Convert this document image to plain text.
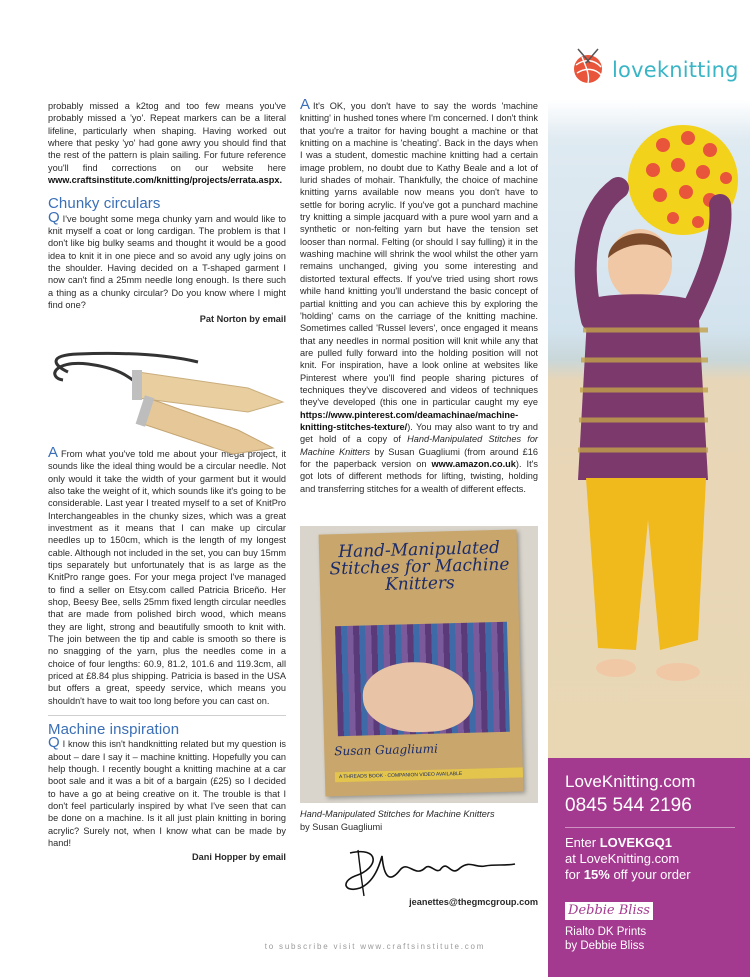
probably missed a k2tog and too few means you've probably missed a 'yo'. Repeat markers can be a literal lifeline, particularly when shaping. Having worked out where that pesky 'yo' had gone awry you should find that the rest of the pattern is plain sailing. For future reference you'll find corrections on our website here www.craftsinstitute.com/knitting/projects/errata.aspx.

Chunky circulars

Q I've bought some mega chunky yarn and would like to knit myself a coat or long cardigan. The problem is that I don't like big bulky seams and thought it would be a good idea to knit it in one piece and so avoid any ugly joins on the shoulder. Having decided on a T-shaped garment I now can't find a 25mm needle long enough. Is there such a thing as a chunky circular? Do you know where I might find one?

Pat Norton by email

A From what you've told me about your mega project, it sounds like the ideal thing would be a circular needle. Not only would it take the width of your garment but it would also take the weight of it, which sounds like it's going to be considerable. Last year I treated myself to a set of KnitPro Interchangeables in the chunky sizes, which was a great investment as it means that I can make up circular needles up to 150cm, which is the length of my longest cable. Although not included in the set, you can buy 15mm tips separately but unfortunately that is as large as the KnitPro range goes. For your mega project I've managed to find a seller on Etsy.com called Patricia Briceño. Her shop, Beesy Bee, sells 25mm fixed length circular needles that are made from polished birch wood, which means they are light, strong and beautifully smooth to knit with. The join between the tip and cable is smooth so there is no snagging of the yarn, plus the needles come in a choice of four lengths: 60.9, 81.2, 101.6 and 119.3cm, all priced at £8.84 plus shipping. Patricia is based in the USA but offers a great, speedy service, which means you shouldn't have to wait too long before you can cast on.

Machine inspiration

Q I know this isn't handknitting related but my question is about – dare I say it – machine knitting. Hopefully you can help though. I recently bought a knitting machine at a car boot sale and it was a bit of a bargain (£25) so I decided to have a go at being creative on it. The trouble is that I don't feel particularly inspired by what I've seen that can be done on a machine. Is it all just plain knitting in boring acrylic? Surely not, when I know what can be made by hand!

Dani Hopper by email

A It's OK, you don't have to say the words 'machine knitting' in hushed tones where I'm concerned. I don't think that you're a traitor for having bought a machine or that knitting on a machine is 'cheating'. Back in the days when I was a student, domestic machine knitting had a certain image problem, no doubt due to Kathy Beale and a lot of lurid shades of mohair. Thankfully, the choice of machine knitting yarns available now means you don't have to settle for boring acrylic. If you've got a punchard machine try knitting a simple jacquard with a pure wool yarn and a synthetic or non-felting yarn but have the tension set looser than normal. Felting (or should I say fulling) it in the washing machine will shrink the wool whilst the other yarn remains unchanged, giving you some interesting and distorted textural effects. If you've tried using short rows while hand knitting you'll understand the basic concept of partial knitting and you can achieve this by exploring the 'holding' cams on the carriage of the knitting machine. Sometimes called 'Russel levers', once engaged it means that any needles in normal position will knit while any that are pulled fully forward into the holding position will not knit. For inspiration, have a look online at websites like Pinterest where you'll find people sharing pictures of techniques they've discovered and videos of techniques they've developed (this one in particular caught my eye https://www.pinterest.com/deamachinae/machine-knitting-stitches-texture/). You may also want to try and get hold of a copy of Hand-Manipulated Stitches for Machine Knitters by Susan Guagliumi (from around £16 for the paperback version on www.amazon.co.uk). It's got lots of different methods for lifting, twisting, holding and transferring stitches for a wealth of different effects.

Hand-Manipulated Stitches for Machine Knitters
Susan Guagliumi
A THREADS BOOK · COMPANION VIDEO AVAILABLE
Hand-Manipulated Stitches for Machine Knitters
by Susan Guagliumi
jeanettes@thegmcgroup.com
to subscribe visit www.craftsinstitute.com
loveknitting
LoveKnitting.com
0845 544 2196
Enter LOVEKGQ1
at LoveKnitting.com
for 15% off your order
Debbie Bliss
Rialto DK Prints
by Debbie Bliss
